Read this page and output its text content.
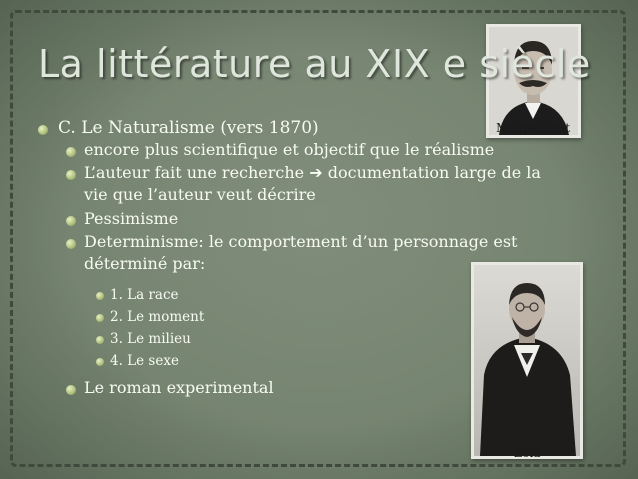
Maupassant
Zola
La littérature au XIX e siècle
C. Le Naturalisme (vers 1870)
encore plus scientifique et objectif que le réalisme
L’auteur fait une recherche ➔ documentation large de la
vie que l’auteur veut décrire
Pessimisme
Determinisme: le comportement d’un personnage est
déterminé par:
1. La race
2. Le moment
3. Le milieu
4. Le sexe
Le roman experimental
